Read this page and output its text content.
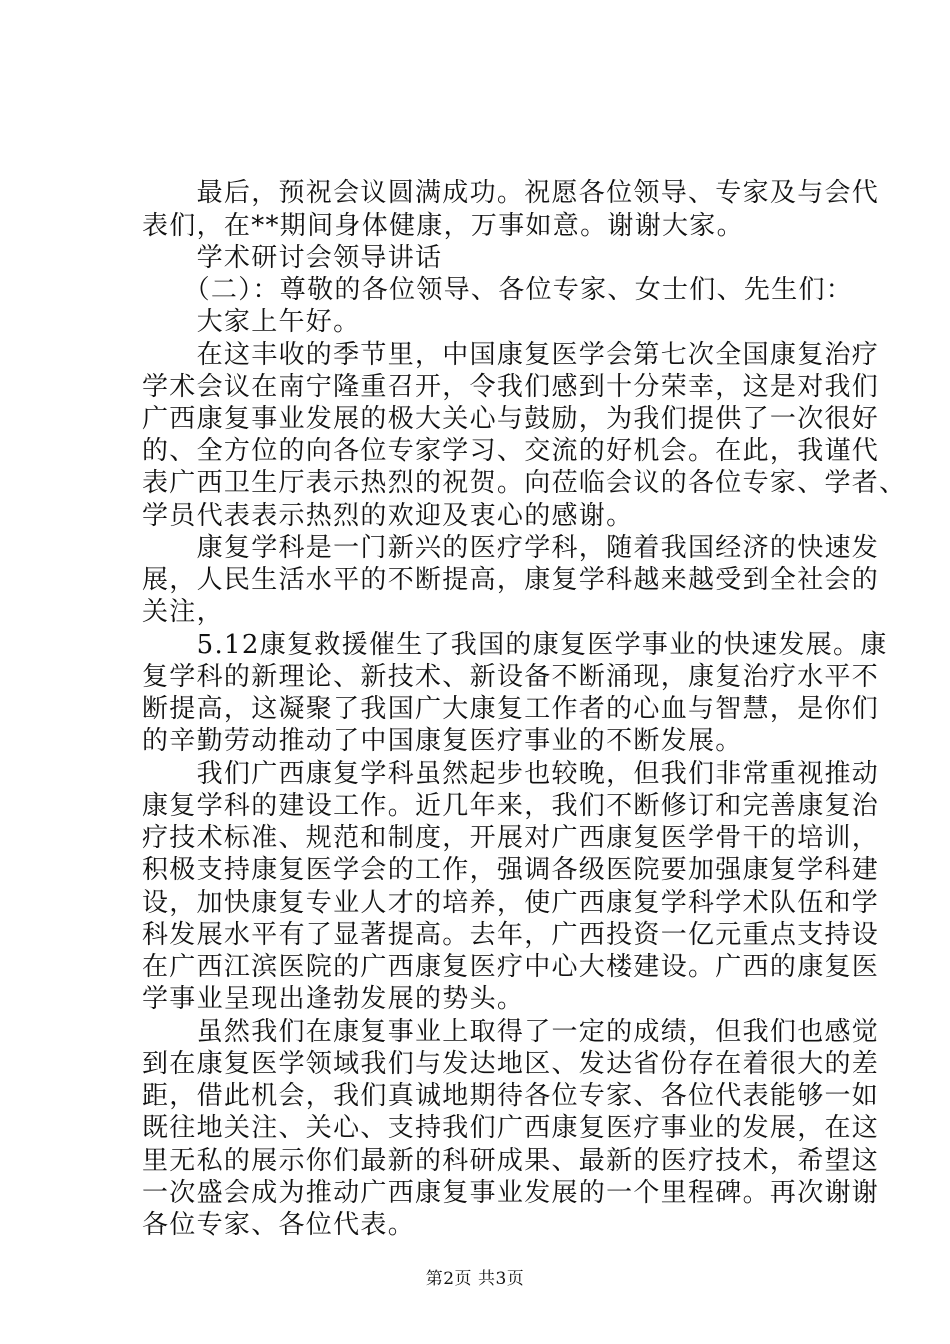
　　最后，预祝会议圆满成功。祝愿各位领导、专家及与会代
表们，在**期间身体健康，万事如意。谢谢大家。
　　学术研讨会领导讲话
　　（二）：尊敬的各位领导、各位专家、女士们、先生们：
　　大家上午好。
　　在这丰收的季节里，中国康复医学会第七次全国康复治疗
学术会议在南宁隆重召开，令我们感到十分荣幸，这是对我们
广西康复事业发展的极大关心与鼓励，为我们提供了一次很好
的、全方位的向各位专家学习、交流的好机会。在此，我谨代
表广西卫生厅表示热烈的祝贺。向莅临会议的各位专家、学者、
学员代表表示热烈的欢迎及衷心的感谢。
　　康复学科是一门新兴的医疗学科，随着我国经济的快速发
展，人民生活水平的不断提高，康复学科越来越受到全社会的
关注，
　　5.12康复救援催生了我国的康复医学事业的快速发展。康
复学科的新理论、新技术、新设备不断涌现，康复治疗水平不
断提高，这凝聚了我国广大康复工作者的心血与智慧，是你们
的辛勤劳动推动了中国康复医疗事业的不断发展。
　　我们广西康复学科虽然起步也较晚，但我们非常重视推动
康复学科的建设工作。近几年来，我们不断修订和完善康复治
疗技术标准、规范和制度，开展对广西康复医学骨干的培训，
积极支持康复医学会的工作，强调各级医院要加强康复学科建
设，加快康复专业人才的培养，使广西康复学科学术队伍和学
科发展水平有了显著提高。去年，广西投资一亿元重点支持设
在广西江滨医院的广西康复医疗中心大楼建设。广西的康复医
学事业呈现出逢勃发展的势头。
　　虽然我们在康复事业上取得了一定的成绩，但我们也感觉
到在康复医学领域我们与发达地区、发达省份存在着很大的差
距，借此机会，我们真诚地期待各位专家、各位代表能够一如
既往地关注、关心、支持我们广西康复医疗事业的发展，在这
里无私的展示你们最新的科研成果、最新的医疗技术，希望这
一次盛会成为推动广西康复事业发展的一个里程碑。再次谢谢
各位专家、各位代表。
第2页 共3页
